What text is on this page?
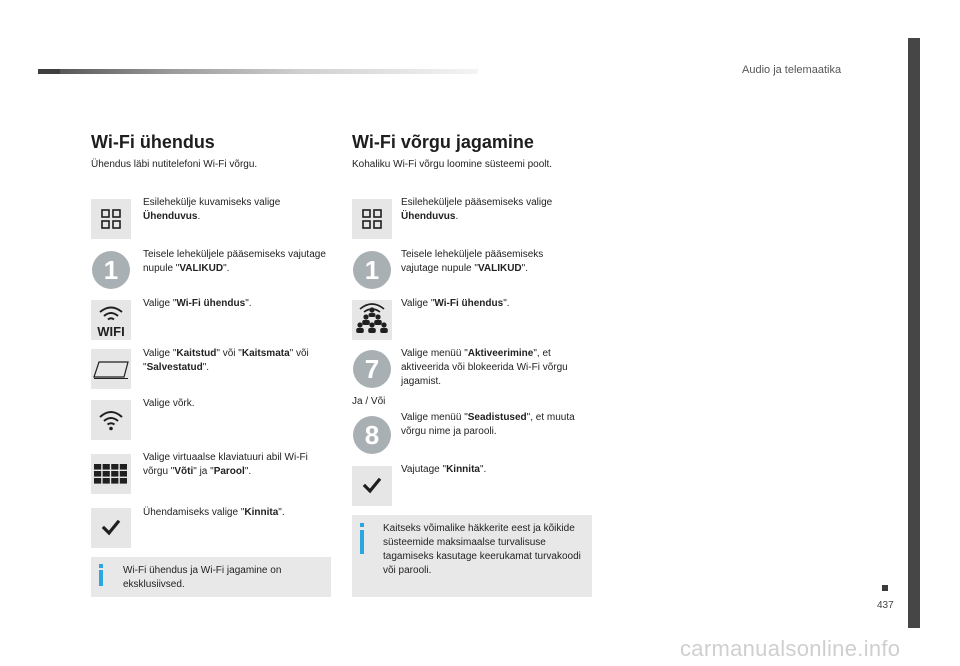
Audio ja telemaatika
437
carmanualsonline.info
Wi-Fi ühendus
Ühendus läbi nutitelefoni Wi-Fi võrgu.
Esilehekülje kuvamiseks valige Ühenduvus.
1
Teisele leheküljele pääsemiseks vajutage nupule "VALIKUD".
WIFI
Valige "Wi-Fi ühendus".
Valige "Kaitstud" või "Kaitsmata" või "Salvestatud".
Valige võrk.
Valige virtuaalse klaviatuuri abil Wi-Fi võrgu "Võti" ja "Parool".
Ühendamiseks valige "Kinnita".
Wi-Fi ühendus ja Wi-Fi jagamine on eksklusiivsed.
Wi-Fi võrgu jagamine
Kohaliku Wi-Fi võrgu loomine süsteemi poolt.
Esileheküljele pääsemiseks valige Ühenduvus.
1
Teisele leheküljele pääsemiseks vajutage nupule "VALIKUD".
Valige "Wi-Fi ühendus".
7
Valige menüü "Aktiveerimine", et aktiveerida või blokeerida Wi-Fi võrgu jagamist.
8
Valige menüü "Seadistused", et muuta võrgu nime ja parooli.
Vajutage "Kinnita".
Ja / Või
Kaitseks võimalike häkkerite eest ja kõikide süsteemide maksimaalse turvalisuse tagamiseks kasutage keerukamat turvakoodi või parooli.
